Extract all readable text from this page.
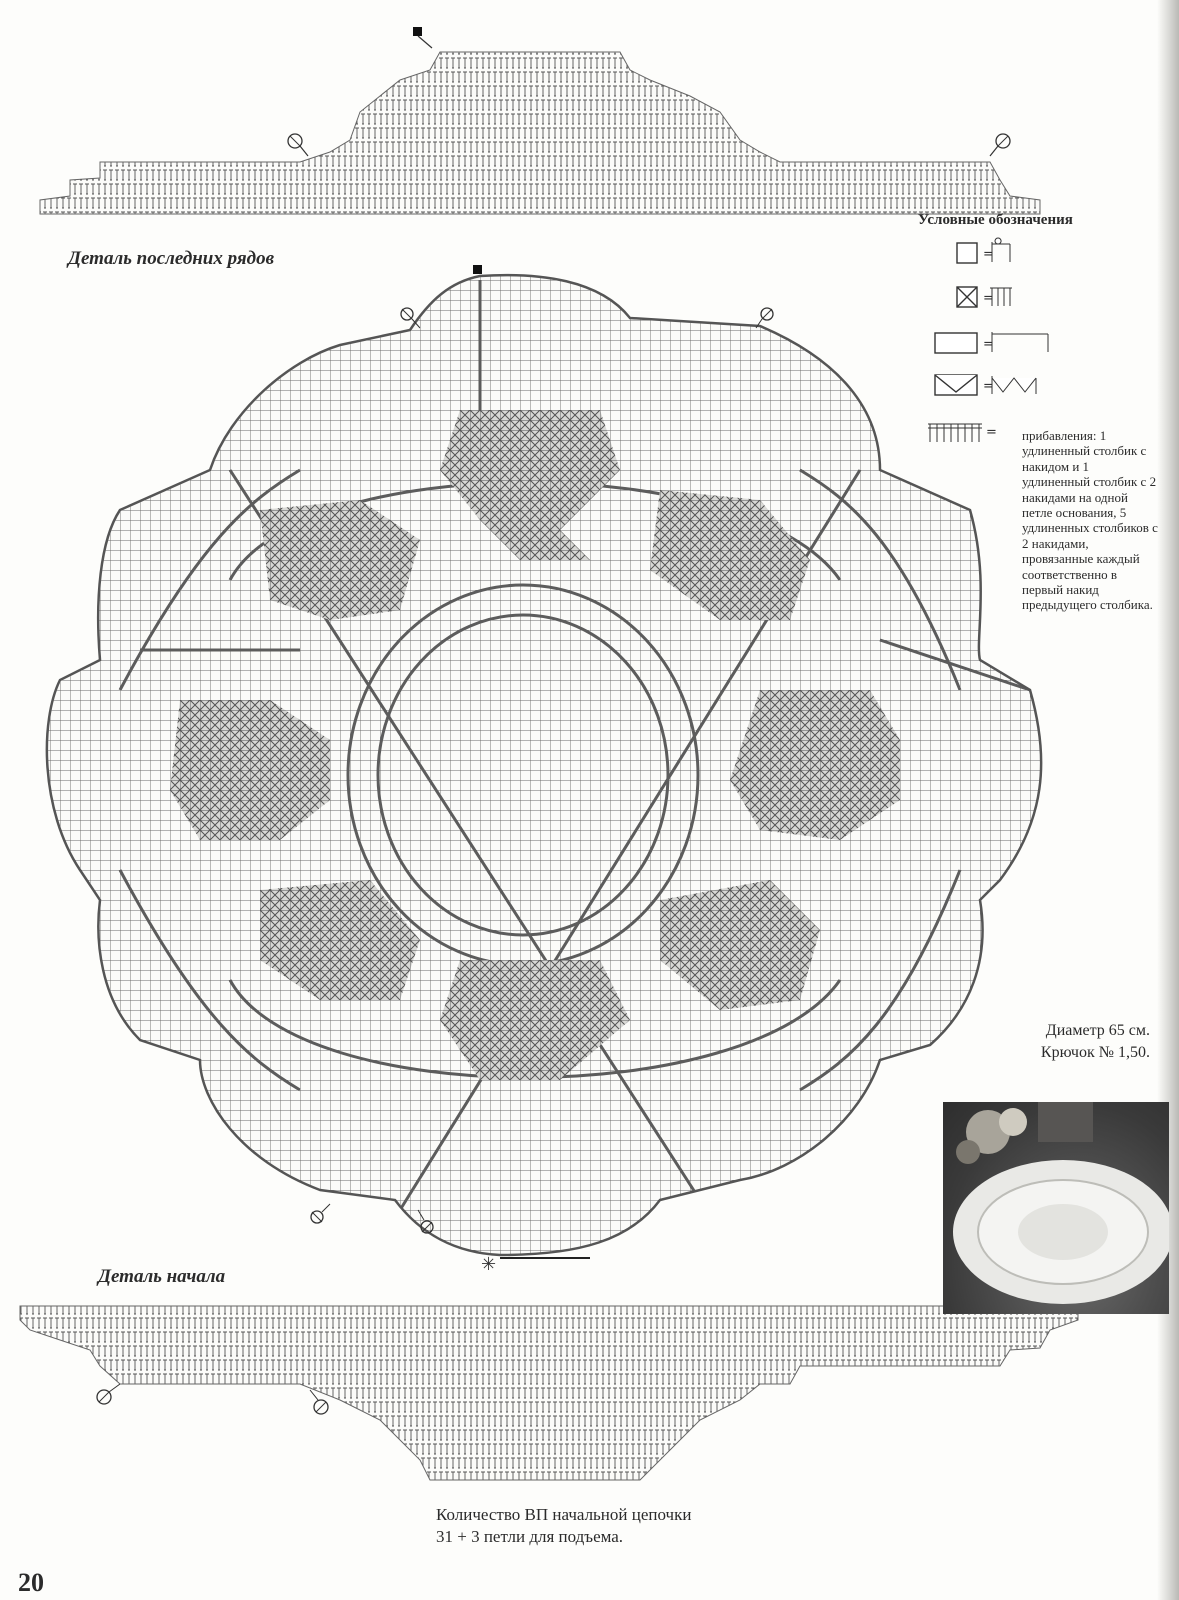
✳
=
=
=
=
=
Деталь последних рядов
Деталь начала
Условные обозначения
прибавления: 1 удлиненный столбик с накидом и 1 удлиненный столбик с 2 накидами на одной петле основания, 5 удлиненных столбиков с 2 накидами, провязанные каждый соответственно в первый накид предыдущего столбика.
Диаметр 65 см.
Крючок № 1,50.
Количество ВП начальной цепочки
31 + 3 петли для подъема.
20
